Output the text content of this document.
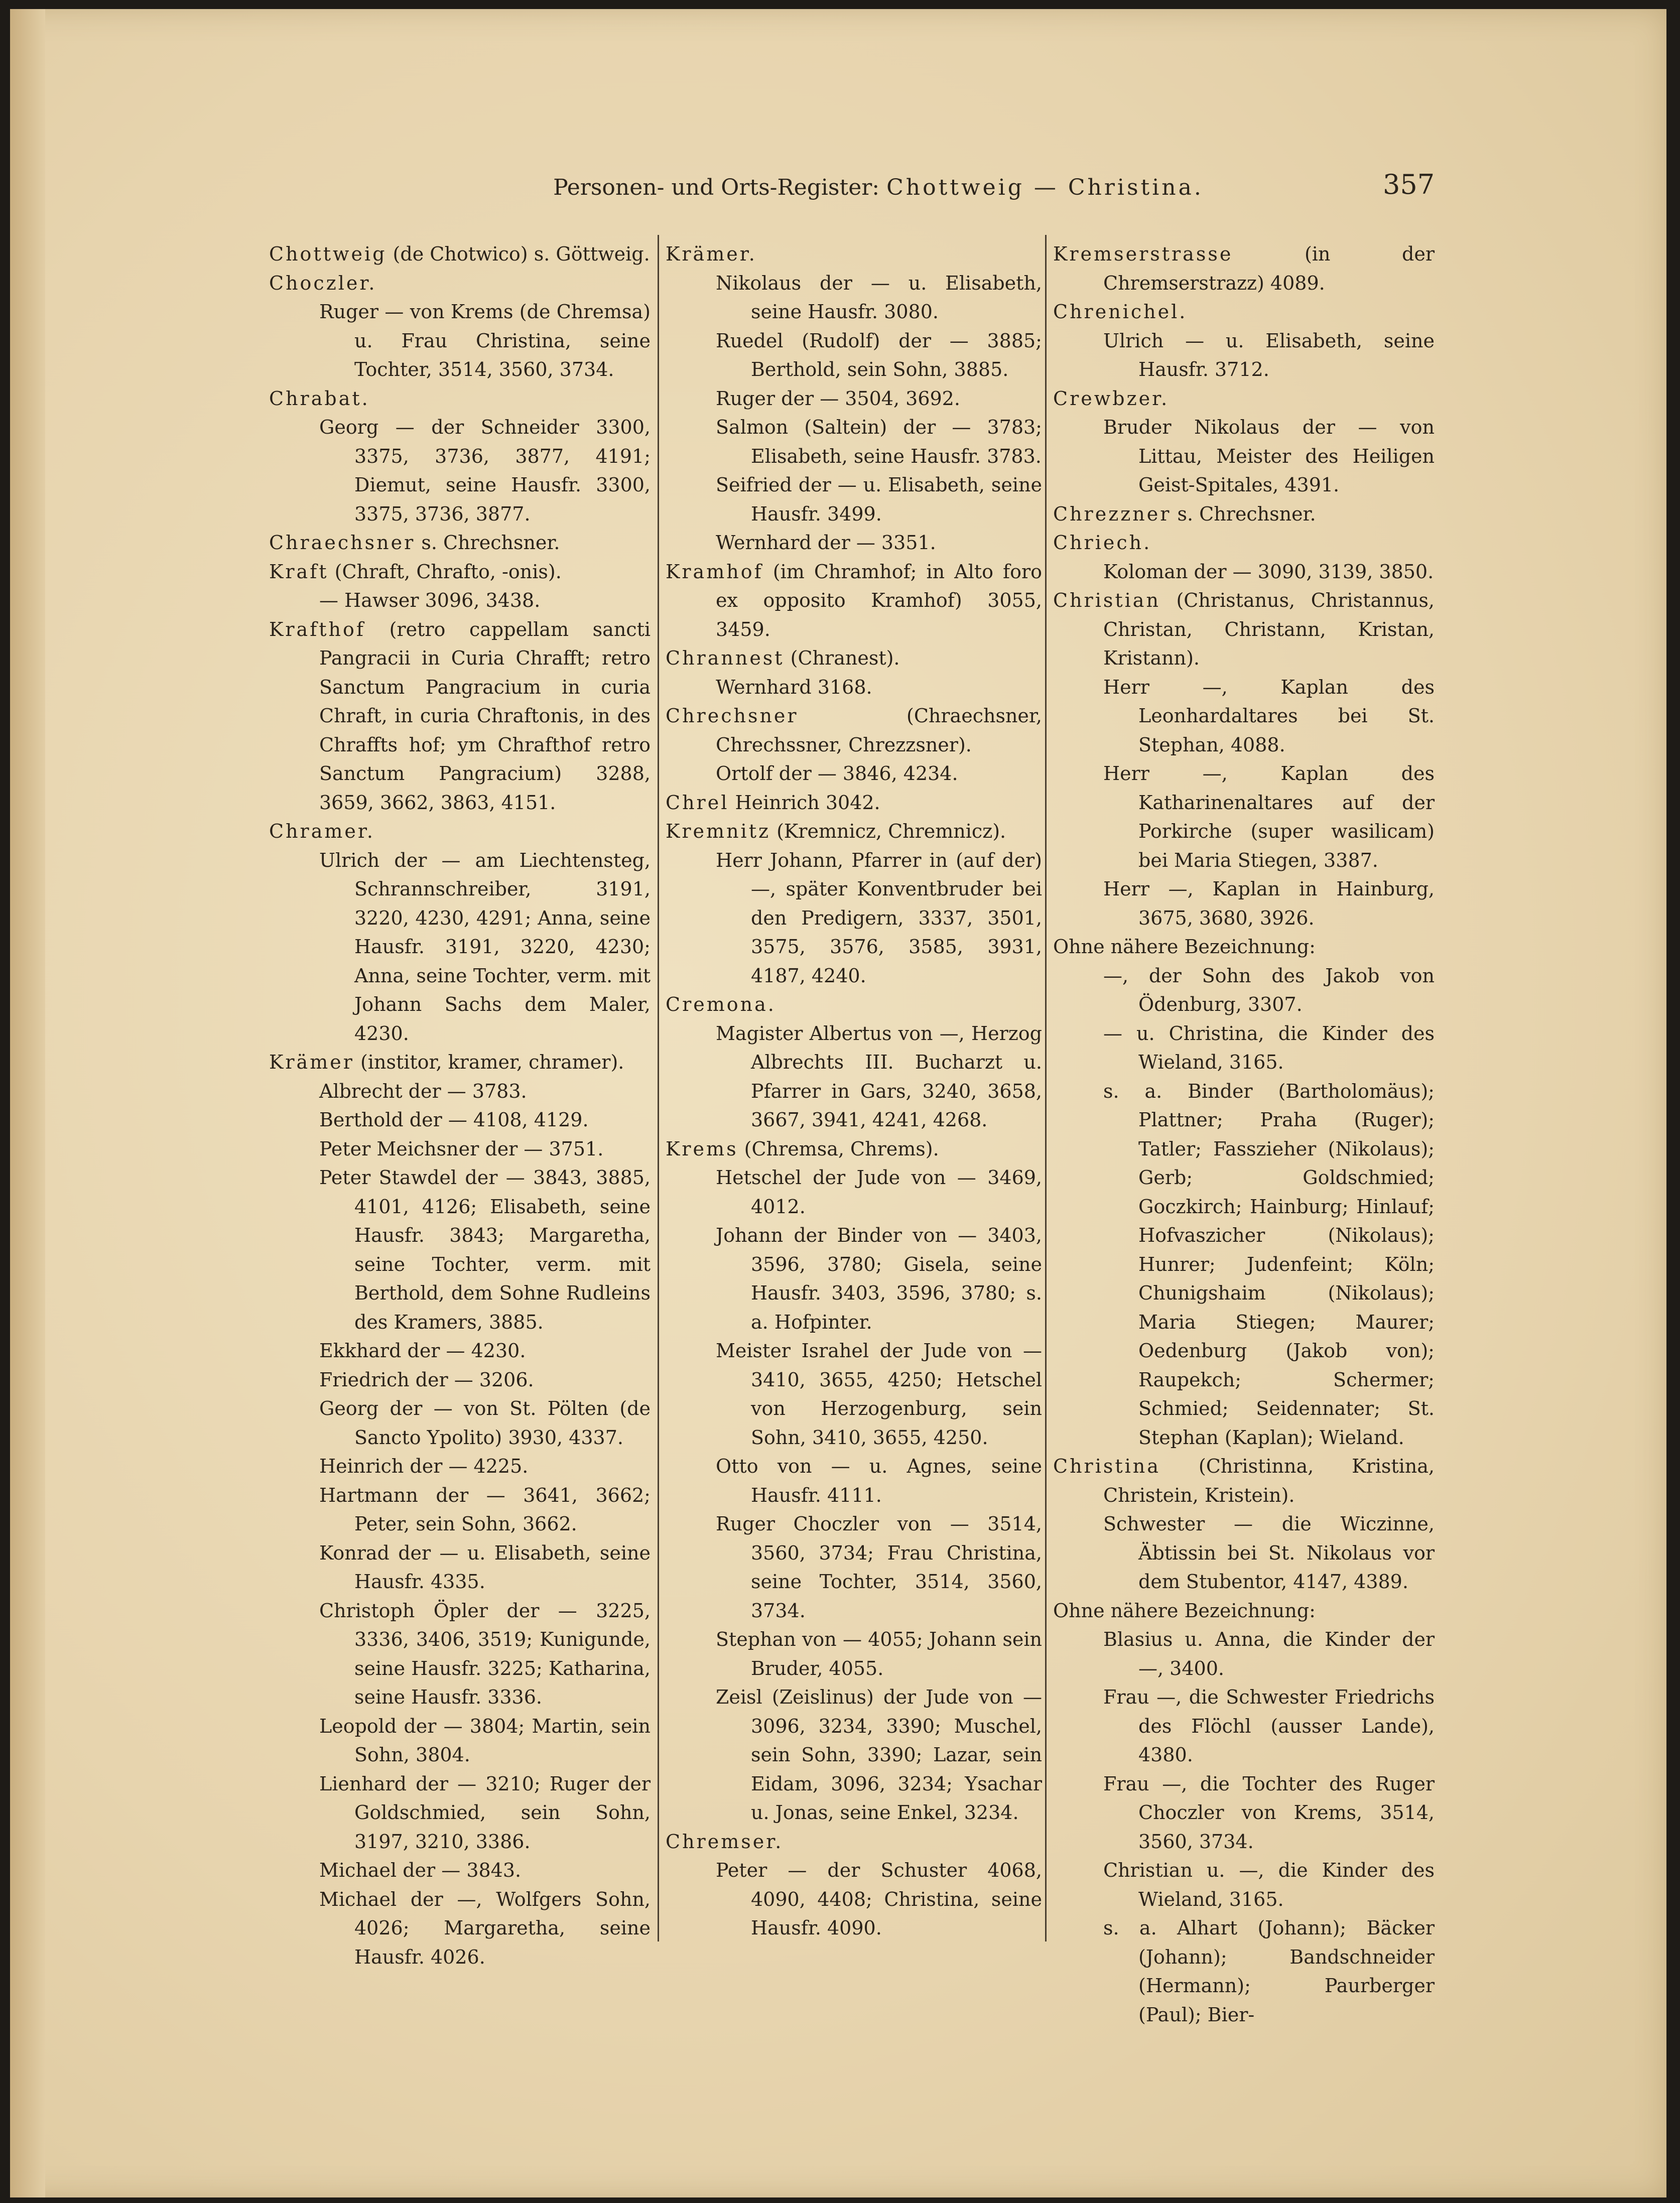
Personen- und Orts-Register: Chottweig — Christina.	357

Chottweig (de Chotwico) s. Göttweig.

Choczler.

Ruger — von Krems (de Chremsa) u. Frau Christina, seine Tochter, 3514, 3560, 3734.

Chrabat.

Georg — der Schneider 3300, 3375, 3736, 3877, 4191; Diemut, seine Hausfr. 3300, 3375, 3736, 3877.

Chraechsner s. Chrechsner.

Kraft (Chraft, Chrafto, -onis).

— Hawser 3096, 3438.

Krafthof (retro cappellam sancti Pangracii in Curia Chrafft; retro Sanctum Pangracium in curia Chraft, in curia Chraftonis, in des Chraffts hof; ym Chrafthof retro Sanctum Pangracium) 3288, 3659, 3662, 3863, 4151.

Chramer.

Ulrich der — am Liechtensteg, Schrannschreiber, 3191, 3220, 4230, 4291; Anna, seine Hausfr. 3191, 3220, 4230; Anna, seine Tochter, verm. mit Johann Sachs dem Maler, 4230.

Krämer (institor, kramer, chramer).

Albrecht der — 3783.

Berthold der — 4108, 4129.

Peter Meichsner der — 3751.

Peter Stawdel der — 3843, 3885, 4101, 4126; Elisabeth, seine Hausfr. 3843; Margaretha, seine Tochter, verm. mit Berthold, dem Sohne Rudleins des Kramers, 3885.

Ekkhard der — 4230.

Friedrich der — 3206.

Georg der — von St. Pölten (de Sancto Ypolito) 3930, 4337.

Heinrich der — 4225.

Hartmann der — 3641, 3662; Peter, sein Sohn, 3662.

Konrad der — u. Elisabeth, seine Hausfr. 4335.

Christoph Öpler der — 3225, 3336, 3406, 3519; Kunigunde, seine Hausfr. 3225; Katharina, seine Hausfr. 3336.

Leopold der — 3804; Martin, sein Sohn, 3804.

Lienhard der — 3210; Ruger der Goldschmied, sein Sohn, 3197, 3210, 3386.

Michael der — 3843.

Michael der —, Wolfgers Sohn, 4026; Margaretha, seine Hausfr. 4026.

Krämer.

Nikolaus der — u. Elisabeth, seine Hausfr. 3080.

Ruedel (Rudolf) der — 3885; Berthold, sein Sohn, 3885.

Ruger der — 3504, 3692.

Salmon (Saltein) der — 3783; Elisabeth, seine Hausfr. 3783.

Seifried der — u. Elisabeth, seine Hausfr. 3499.

Wernhard der — 3351.

Kramhof (im Chramhof; in Alto foro ex opposito Kramhof) 3055, 3459.

Chrannest (Chranest).

Wernhard 3168.

Chrechsner (Chraechsner, Chrechssner, Chrezzsner).

Ortolf der — 3846, 4234.

Chrel Heinrich 3042.

Kremnitz (Kremnicz, Chremnicz).

Herr Johann, Pfarrer in (auf der) —, später Konventbruder bei den Predigern, 3337, 3501, 3575, 3576, 3585, 3931, 4187, 4240.

Cremona.

Magister Albertus von —, Herzog Albrechts III. Bucharzt u. Pfarrer in Gars, 3240, 3658, 3667, 3941, 4241, 4268.

Krems (Chremsa, Chrems).

Hetschel der Jude von — 3469, 4012.

Johann der Binder von — 3403, 3596, 3780; Gisela, seine Hausfr. 3403, 3596, 3780; s. a. Hofpinter.

Meister Israhel der Jude von — 3410, 3655, 4250; Hetschel von Herzogenburg, sein Sohn, 3410, 3655, 4250.

Otto von — u. Agnes, seine Hausfr. 4111.

Ruger Choczler von — 3514, 3560, 3734; Frau Christina, seine Tochter, 3514, 3560, 3734.

Stephan von — 4055; Johann sein Bruder, 4055.

Zeisl (Zeislinus) der Jude von — 3096, 3234, 3390; Muschel, sein Sohn, 3390; Lazar, sein Eidam, 3096, 3234; Ysachar u. Jonas, seine Enkel, 3234.

Chremser.

Peter — der Schuster 4068, 4090, 4408; Christina, seine Hausfr. 4090.

Kremserstrasse (in der Chremserstrazz) 4089.

Chrenichel.

Ulrich — u. Elisabeth, seine Hausfr. 3712.

Crewbzer.

Bruder Nikolaus der — von Littau, Meister des Heiligen Geist-Spitales, 4391.

Chrezzner s. Chrechsner.

Chriech.

Koloman der — 3090, 3139, 3850.

Christian (Christanus, Christannus, Christan, Christann, Kristan, Kristann).

Herr —, Kaplan des Leonhardaltares bei St. Stephan, 4088.

Herr —, Kaplan des Katharinenaltares auf der Porkirche (super wasilicam) bei Maria Stiegen, 3387.

Herr —, Kaplan in Hainburg, 3675, 3680, 3926.

Ohne nähere Bezeichnung:

—, der Sohn des Jakob von Ödenburg, 3307.

— u. Christina, die Kinder des Wieland, 3165.

s. a. Binder (Bartholomäus); Plattner; Praha (Ruger); Tatler; Fasszieher (Nikolaus); Gerb; Goldschmied; Goczkirch; Hainburg; Hinlauf; Hofvaszicher (Nikolaus); Hunrer; Judenfeint; Köln; Chunigshaim (Nikolaus); Maria Stiegen; Maurer; Oedenburg (Jakob von); Raupekch; Schermer; Schmied; Seidennater; St. Stephan (Kaplan); Wieland.

Christina (Christinna, Kristina, Christein, Kristein).

Schwester — die Wiczinne, Äbtissin bei St. Nikolaus vor dem Stubentor, 4147, 4389.

Ohne nähere Bezeichnung:

Blasius u. Anna, die Kinder der —, 3400.

Frau —, die Schwester Friedrichs des Flöchl (ausser Lande), 4380.

Frau —, die Tochter des Ruger Choczler von Krems, 3514, 3560, 3734.

Christian u. —, die Kinder des Wieland, 3165.

s. a. Alhart (Johann); Bäcker (Johann); Bandschneider (Hermann); Paurberger (Paul); Bier-
